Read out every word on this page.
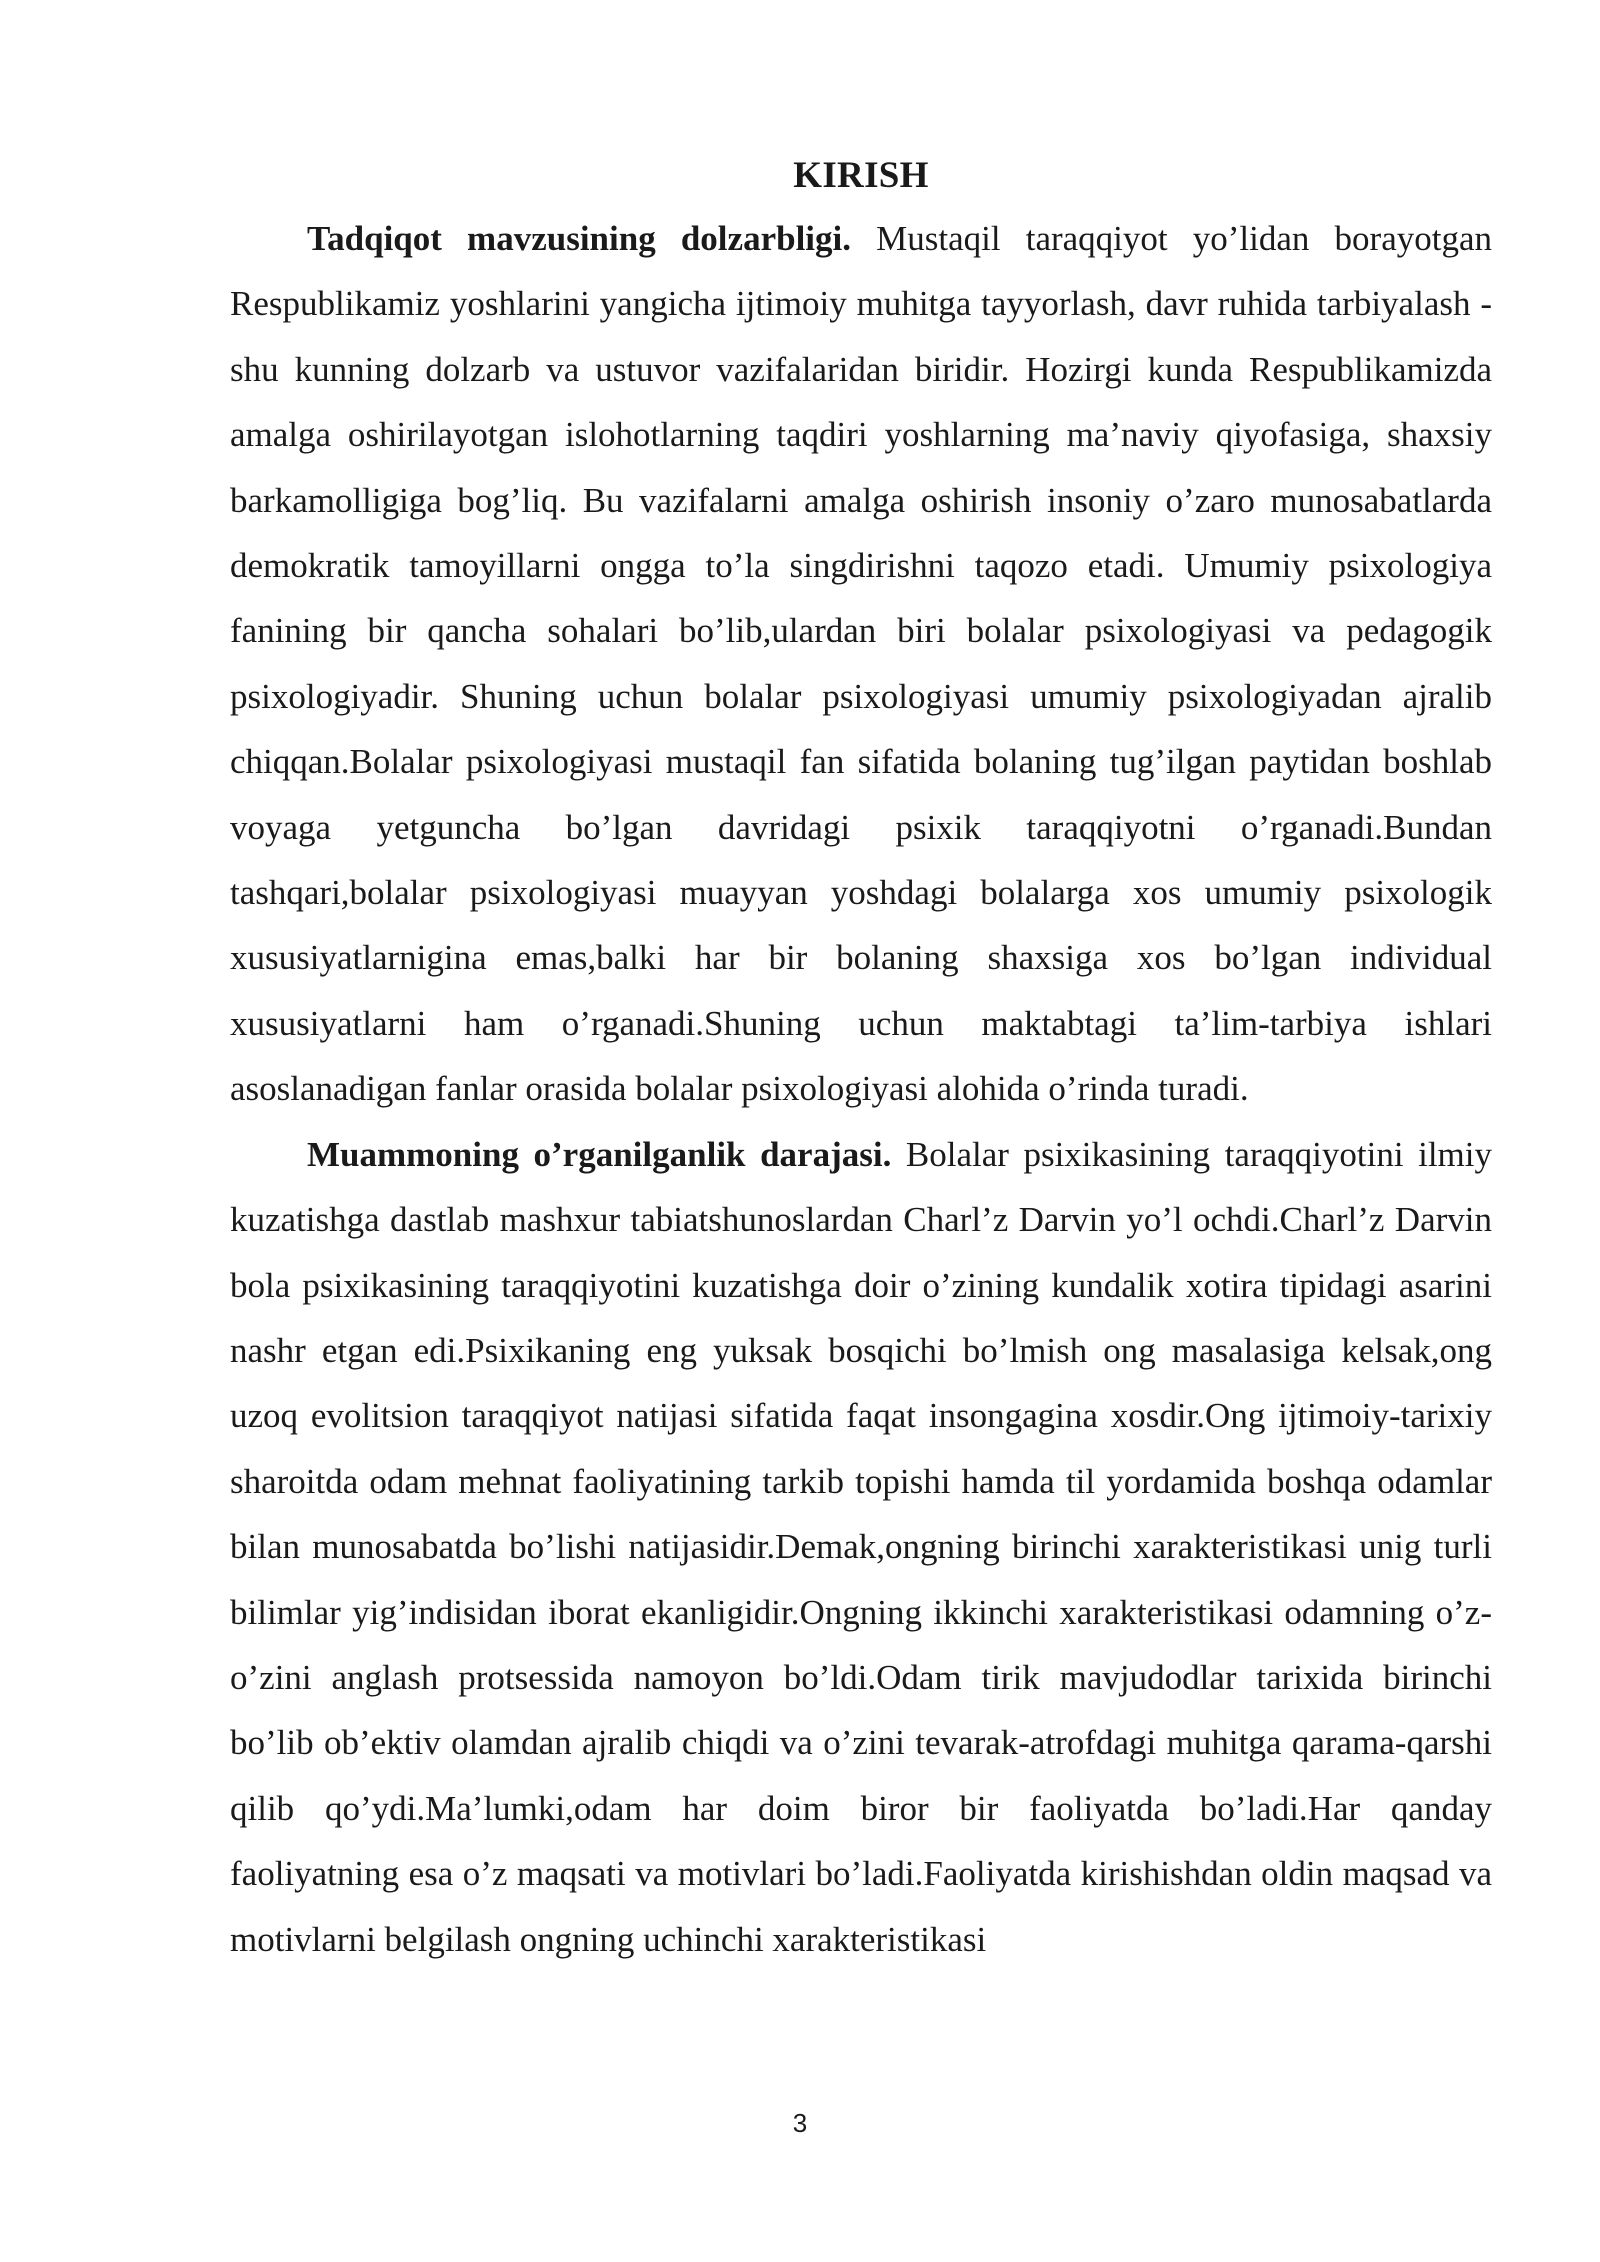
KIRISH

Tadqiqot mavzusining dolzarbligi. Mustaqil taraqqiyot yo’lidan borayotgan Respublikamiz yoshlarini yangicha ijtimoiy muhitga tayyorlash, davr ruhida tarbiyalash - shu kunning dolzarb va ustuvor vazifalaridan biridir. Hozirgi kunda Respublikamizda amalga oshirilayotgan islohotlarning taqdiri yoshlarning ma’naviy qiyofasiga, shaxsiy barkamolligiga bog’liq. Bu vazifalarni amalga oshirish insoniy o’zaro munosabatlarda demokratik tamoyillarni ongga to’la singdirishni taqozo etadi. Umumiy psixologiya fanining bir qancha sohalari bo’lib,ulardan biri bolalar psixologiyasi va pedagogik psixologiyadir. Shuning uchun bolalar psixologiyasi umumiy psixologiyadan ajralib chiqqan.Bolalar psixologiyasi mustaqil fan sifatida bolaning tug’ilgan paytidan boshlab voyaga yetguncha bo’lgan davridagi psixik taraqqiyotni o’rganadi.Bundan tashqari,bolalar psixologiyasi muayyan yoshdagi bolalarga xos umumiy psixologik xususiyatlarnigina emas,balki har bir bolaning shaxsiga xos bo’lgan individual xususiyatlarni ham o’rganadi.Shuning uchun maktabtagi ta’lim-tarbiya ishlari asoslanadigan fanlar orasida bolalar psixologiyasi alohida o’rinda turadi.

Muammoning o’rganilganlik darajasi. Bolalar psixikasining taraqqiyotini ilmiy kuzatishga dastlab mashxur tabiatshunoslardan Charl’z Darvin yo’l ochdi.Charl’z Darvin bola psixikasining taraqqiyotini kuzatishga doir o’zining kundalik xotira tipidagi asarini nashr etgan edi.Psixikaning eng yuksak bosqichi bo’lmish ong masalasiga kelsak,ong uzoq evolitsion taraqqiyot natijasi sifatida faqat insongagina xosdir.Ong ijtimoiy-tarixiy sharoitda odam mehnat faoliyatining tarkib topishi hamda til yordamida boshqa odamlar bilan munosabatda bo’lishi natijasidir.Demak,ongning birinchi xarakteristikasi unig turli bilimlar yig’indisidan iborat ekanligidir.Ongning ikkinchi xarakteristikasi odamning o’z-o’zini anglash protsessida namoyon bo’ldi.Odam tirik mavjudodlar tarixida birinchi bo’lib ob’ektiv olamdan ajralib chiqdi va o’zini tevarak-atrofdagi muhitga qarama-qarshi qilib qo’ydi.Ma’lumki,odam har doim biror bir faoliyatda bo’ladi.Har qanday faoliyatning esa o’z maqsati va motivlari bo’ladi.Faoliyatda kirishishdan oldin maqsad va motivlarni belgilash ongning uchinchi xarakteristikasi

3
